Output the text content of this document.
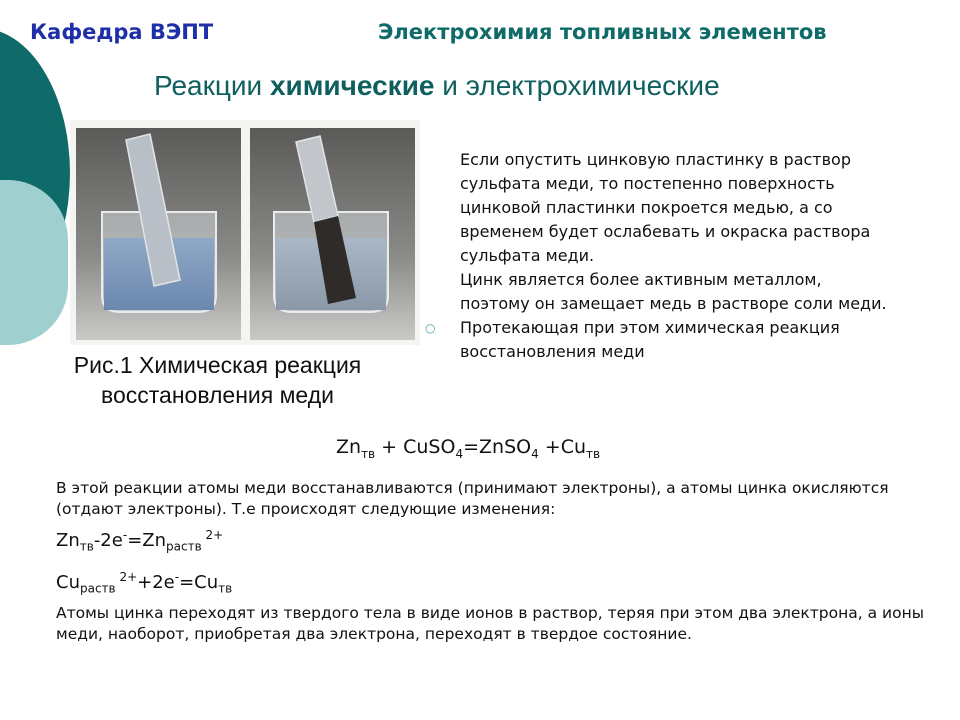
Кафедра ВЭПТ	Электрохимия топливных элементов
Реакции химические и электрохимические
Рис.1 Химическая реакция
восстановления меди
Если опустить цинковую пластинку в раствор сульфата меди, то постепенно поверхность цинковой пластинки покроется медью, а со временем будет ослабевать и окраска раствора сульфата меди.
Цинк является более активным металлом, поэтому он замещает медь в растворе соли меди.
○ Протекающая при этом химическая реакция восстановления меди
$Zn_{тв}$ + CuSO$_4$=ZnSO$_4$ $+Cu_{тв}$
В этой реакции атомы меди восстанавливаются (принимают электроны), а атомы цинка окисляются (отдают электроны). Т.е происходят следующие изменения:
$Zn_{тв}-2e^-=Zn_{раств}$ $^{2+}$
$Cu_{раств}$ $^{2+}+2e^-=Cu_{тв}$
Атомы цинка переходят из твердого тела в виде ионов в раствор, теряя при этом два электрона, а ионы меди, наоборот, приобретая два электрона, переходят в твердое состояние.
